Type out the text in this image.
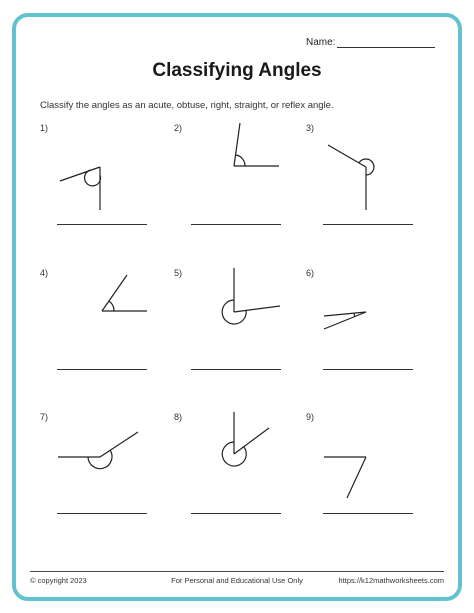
Name:
Classifying Angles
Classify the angles as an acute, obtuse, right, straight, or reflex angle.
1)	2)	3)
4)	5)	6)
7)	8)	9)
© copyright 2023	For Personal and Educational Use Only	https://k12mathworksheets.com
